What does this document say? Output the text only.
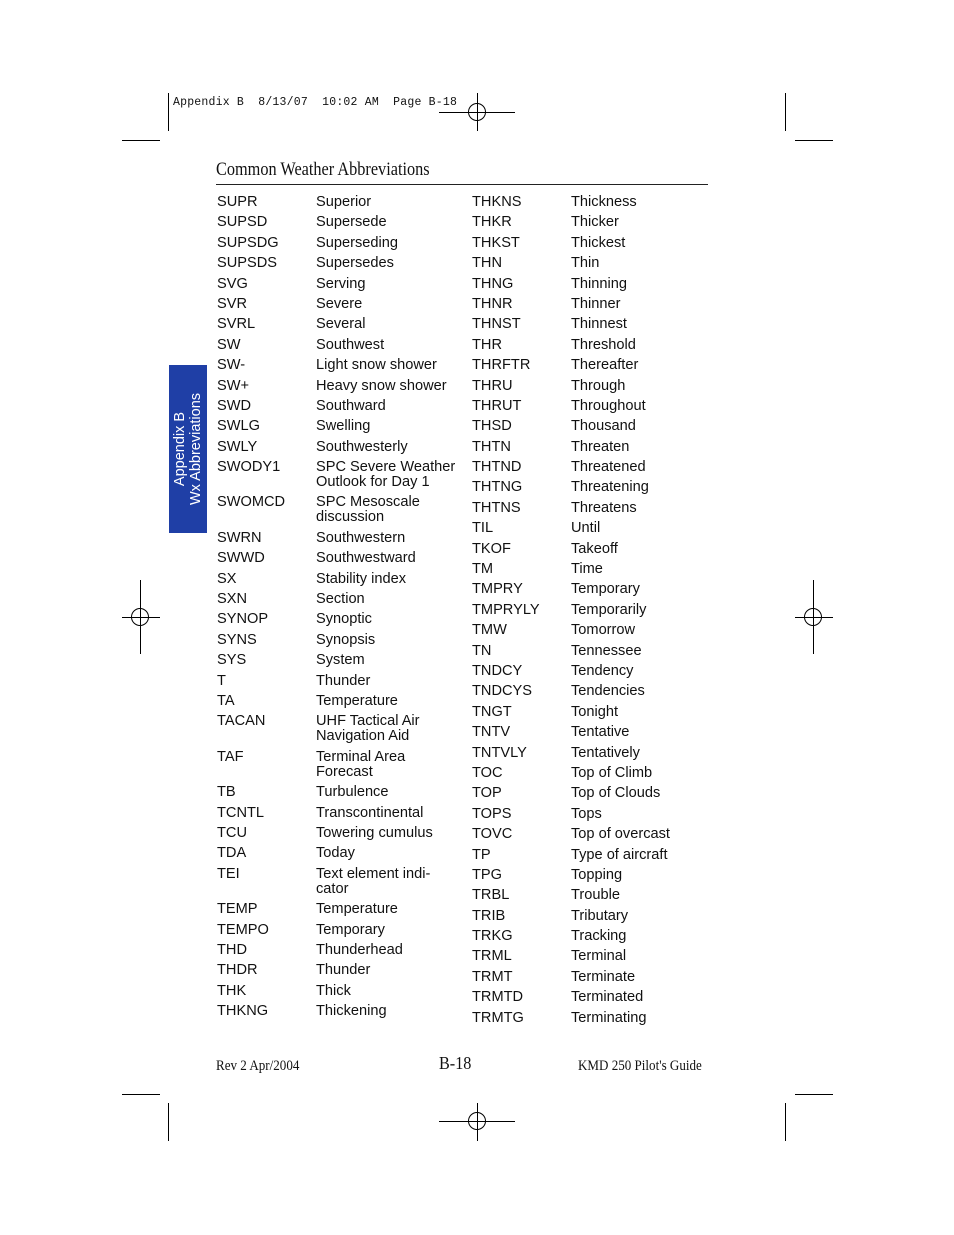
Appendix B  8/13/07  10:02 AM  Page B-18
Appendix B Wx Abbreviations
Common Weather Abbreviations
SUPR	Superior
SUPSD	Supersede
SUPSDG	Superseding
SUPSDS	Supersedes
SVG	Serving
SVR	Severe
SVRL	Several
SW	Southwest
SW-	Light snow shower
SW+	Heavy snow shower
SWD	Southward
SWLG	Swelling
SWLY	Southwesterly
SWODY1	SPC Severe Weather Outlook for Day 1
SWOMCD	SPC Mesoscale discussion
SWRN	Southwestern
SWWD	Southwestward
SX	Stability index
SXN	Section
SYNOP	Synoptic
SYNS	Synopsis
SYS	System
T	Thunder
TA	Temperature
TACAN	UHF Tactical Air Navigation Aid
TAF	Terminal Area Forecast
TB	Turbulence
TCNTL	Transcontinental
TCU	Towering cumulus
TDA	Today
TEI	Text element indi- cator
TEMP	Temperature
TEMPO	Temporary
THD	Thunderhead
THDR	Thunder
THK	Thick
THKNG	Thickening
THKNS	Thickness
THKR	Thicker
THKST	Thickest
THN	Thin
THNG	Thinning
THNR	Thinner
THNST	Thinnest
THR	Threshold
THRFTR	Thereafter
THRU	Through
THRUT	Throughout
THSD	Thousand
THTN	Threaten
THTND	Threatened
THTNG	Threatening
THTNS	Threatens
TIL	Until
TKOF	Takeoff
TM	Time
TMPRY	Temporary
TMPRYLY	Temporarily
TMW	Tomorrow
TN	Tennessee
TNDCY	Tendency
TNDCYS	Tendencies
TNGT	Tonight
TNTV	Tentative
TNTVLY	Tentatively
TOC	Top of Climb
TOP	Top of Clouds
TOPS	Tops
TOVC	Top of overcast
TP	Type of aircraft
TPG	Topping
TRBL	Trouble
TRIB	Tributary
TRKG	Tracking
TRML	Terminal
TRMT	Terminate
TRMTD	Terminated
TRMTG	Terminating
Rev 2 Apr/2004	B-18	KMD 250 Pilot's Guide
